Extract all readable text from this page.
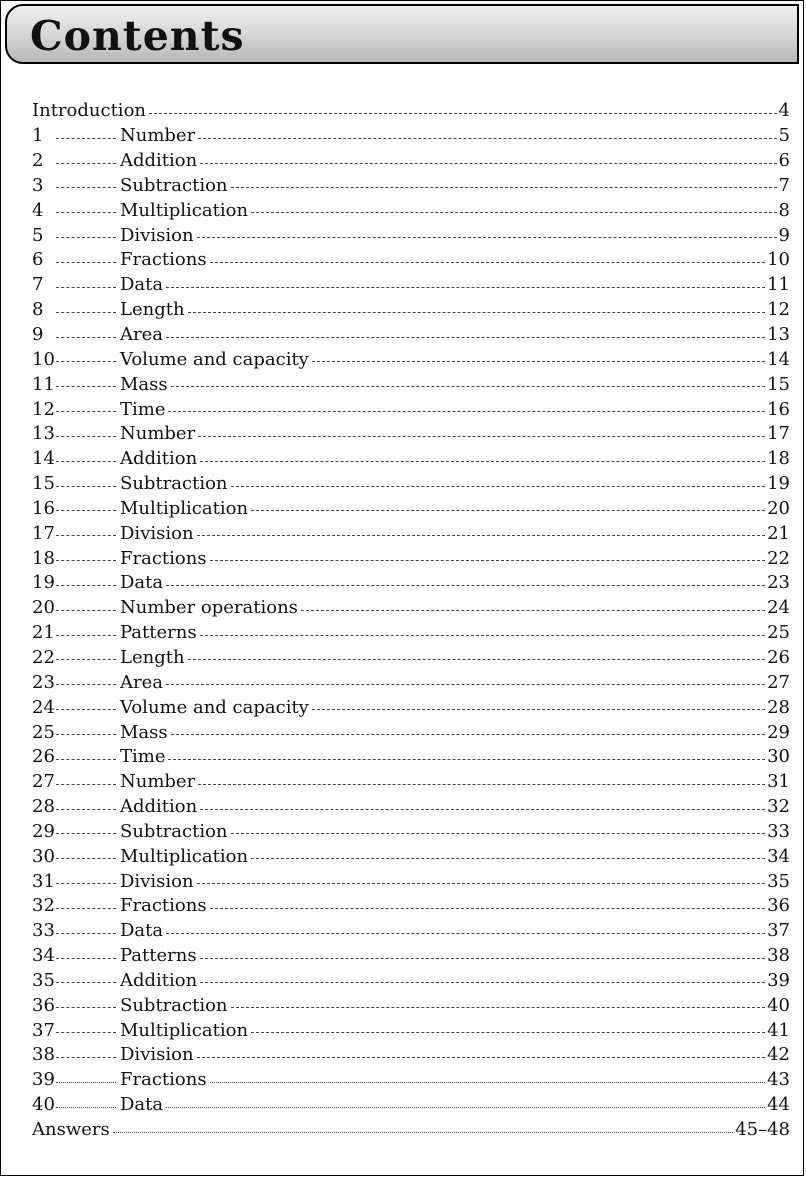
Contents
Introduction	4
1	Number	5
2	Addition	6
3	Subtraction	7
4	Multiplication	8
5	Division	9
6	Fractions	10
7	Data	11
8	Length	12
9	Area	13
10	Volume and capacity	14
11	Mass	15
12	Time	16
13	Number	17
14	Addition	18
15	Subtraction	19
16	Multiplication	20
17	Division	21
18	Fractions	22
19	Data	23
20	Number operations	24
21	Patterns	25
22	Length	26
23	Area	27
24	Volume and capacity	28
25	Mass	29
26	Time	30
27	Number	31
28	Addition	32
29	Subtraction	33
30	Multiplication	34
31	Division	35
32	Fractions	36
33	Data	37
34	Patterns	38
35	Addition	39
36	Subtraction	40
37	Multiplication	41
38	Division	42
39	Fractions	43
40	Data	44
Answers	45–48
